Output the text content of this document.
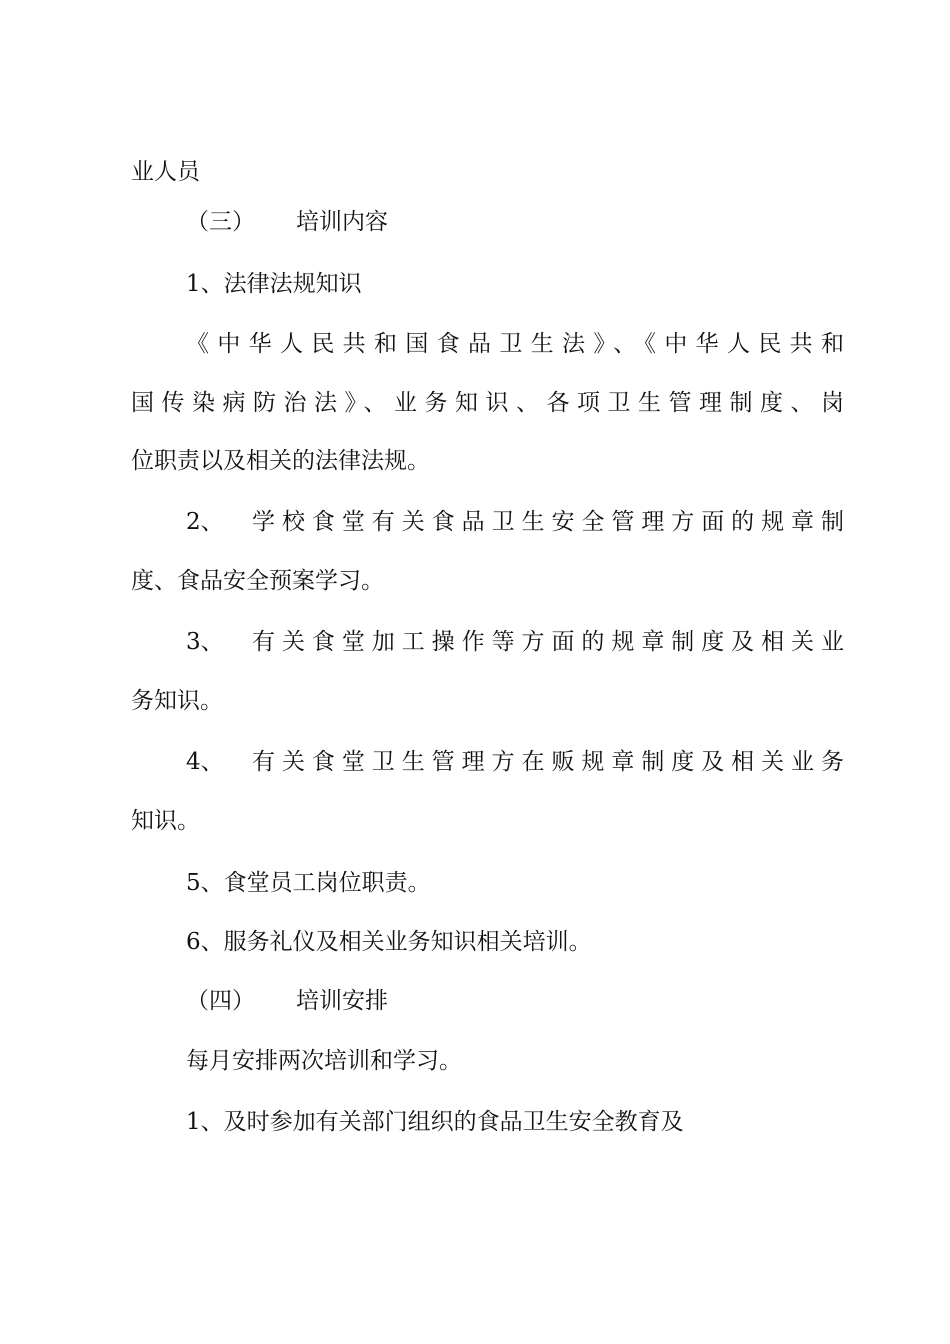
业人员

（三） 培训内容

1、法律法规知识

《中华人民共和国食品卫生法》、《中华人民共和

国传染病防治法》、业务知识、各项卫生管理制度、岗

位职责以及相关的法律法规。

2、	学校食堂有关食品卫生安全管理方面的规章制

度、食品安全预案学习。

3、	有关食堂加工操作等方面的规章制度及相关业

务知识。

4、	有关食堂卫生管理方在贩规章制度及相关业务

知识。

5、食堂员工岗位职责。

6、服务礼仪及相关业务知识相关培训。

（四） 培训安排

每月安排两次培训和学习。

1、及时参加有关部门组织的食品卫生安全教育及
